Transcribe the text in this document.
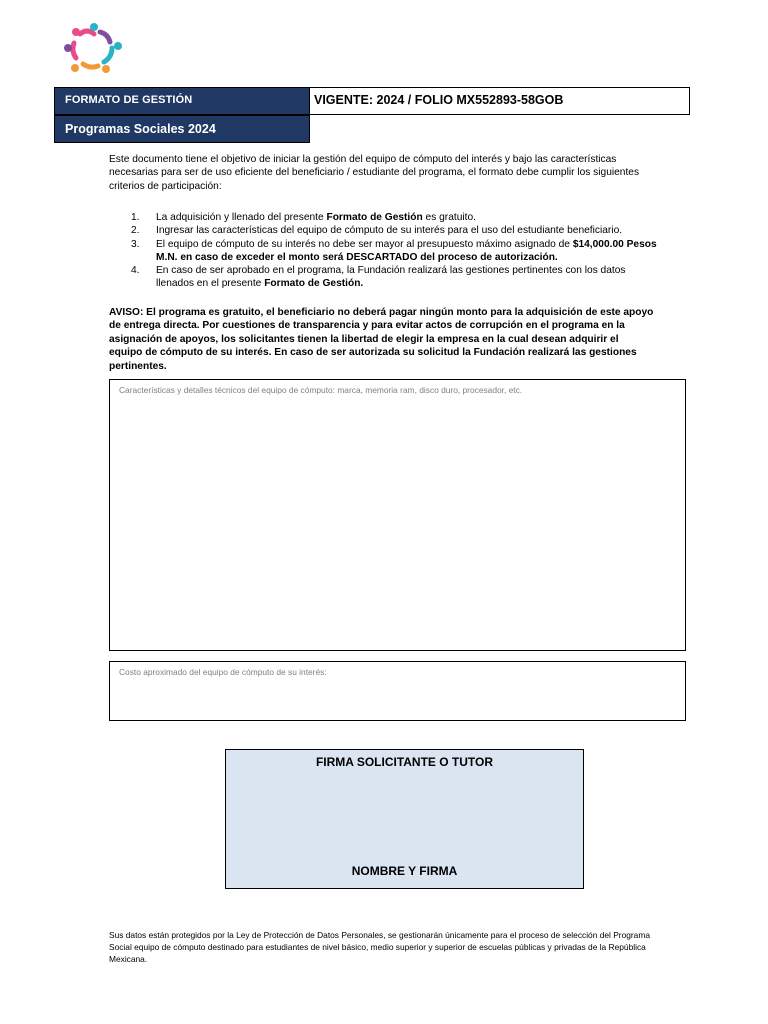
FORMATO DE GESTIÓN
Programas Sociales 2024
VIGENTE: 2024 / FOLIO MX552893-58GOB

Este documento tiene el objetivo de iniciar la gestión del equipo de cómputo del interés y bajo las características necesarias para ser de uso eficiente del beneficiario / estudiante del programa, el formato debe cumplir los siguientes criterios de participación:

1. La adquisición y llenado del presente Formato de Gestión es gratuito.
2. Ingresar las características del equipo de cómputo de su interés para el uso del estudiante beneficiario.
3. El equipo de cómputo de su interés no debe ser mayor al presupuesto máximo asignado de $14,000.00 Pesos M.N. en caso de exceder el monto será DESCARTADO del proceso de autorización.
4. En caso de ser aprobado en el programa, la Fundación realizará las gestiones pertinentes con los datos llenados en el presente Formato de Gestión.

AVISO: El programa es gratuito, el beneficiario no deberá pagar ningún monto para la adquisición de este apoyo de entrega directa. Por cuestiones de transparencia y para evitar actos de corrupción en el programa en la asignación de apoyos, los solicitantes tienen la libertad de elegir la empresa en la cual desean adquirir el equipo de cómputo de su interés. En caso de ser autorizada su solicitud la Fundación realizará las gestiones pertinentes.

Características y detalles técnicos del equipo de cómputo: marca, memoria ram, disco duro, procesador, etc.
Costo aproximado del equipo de cómputo de su interés:
FIRMA SOLICITANTE O TUTOR
NOMBRE Y FIRMA

Sus datos están protegidos por la Ley de Protección de Datos Personales, se gestionarán únicamente para el proceso de selección del Programa Social equipo de cómputo destinado para estudiantes de nivel básico, medio superior y superior de escuelas públicas y privadas de la República Mexicana.
